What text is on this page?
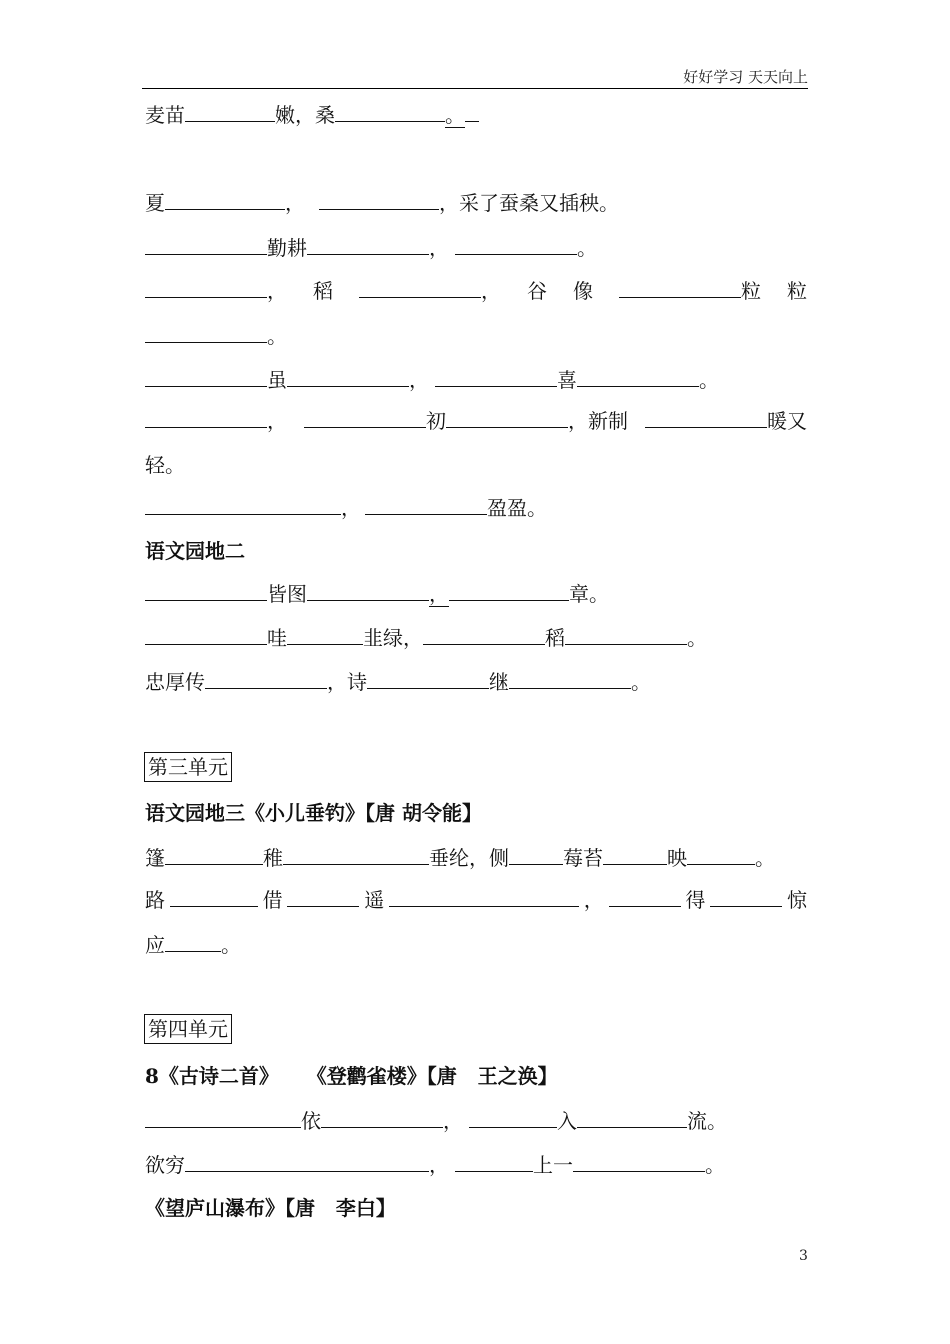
好好学习 天天向上
麦苗	嫩，桑	。
夏	，	，采了蚕桑又插秧。
勤耕	，	。
， 稻	， 谷 像	粒 粒
。
虽	，	喜	。
，	初	，新制	暖又
轻。
，	盈盈。
语文园地二
皆图	，	章。
哇	韭绿，	稻	。
忠厚传	，诗	继	。
第三单元
语文园地三《小儿垂钓》【唐 胡令能】
篷	稚	垂纶，侧	莓苔	映	。
路	借	遥	，	得	惊
应	。
第四单元
8《古诗二首》    《登鹳雀楼》【唐   王之涣】
依	，	入	流。
欲穷	，	上一	。
《望庐山瀑布》【唐   李白】
3
